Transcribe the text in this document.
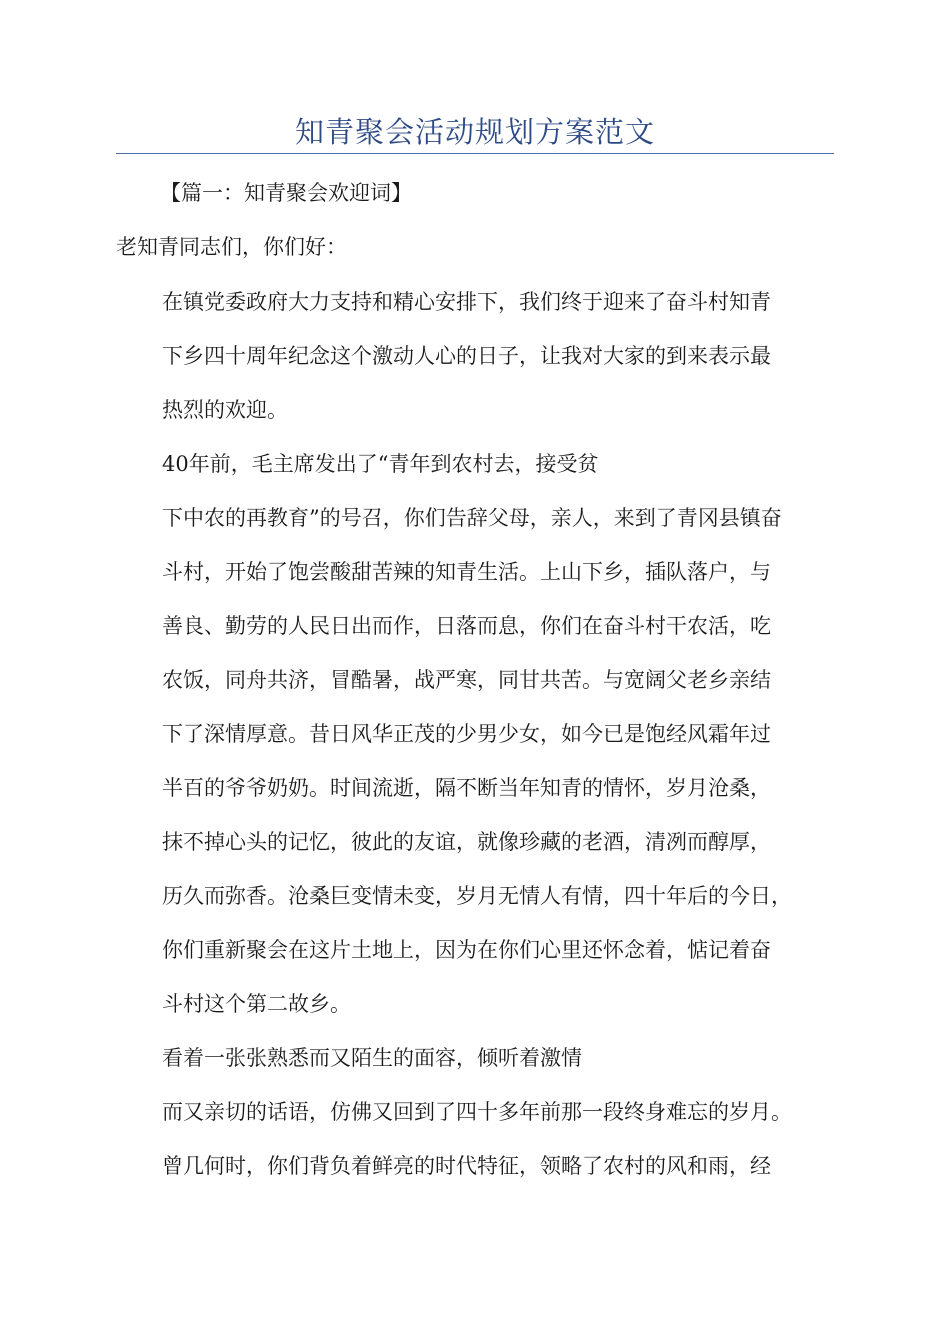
知青聚会活动规划方案范文
【篇一：知青聚会欢迎词】
老知青同志们，你们好：
在镇党委政府大力支持和精心安排下，我们终于迎来了奋斗村知青
下乡四十周年纪念这个激动人心的日子，让我对大家的到来表示最
热烈的欢迎。
40年前，毛主席发出了“青年到农村去，接受贫
下中农的再教育”的号召，你们告辞父母，亲人，来到了青冈县镇奋
斗村，开始了饱尝酸甜苦辣的知青生活。上山下乡，插队落户，与
善良、勤劳的人民日出而作，日落而息，你们在奋斗村干农活，吃
农饭，同舟共济，冒酷暑，战严寒，同甘共苦。与宽阔父老乡亲结
下了深情厚意。昔日风华正茂的少男少女，如今已是饱经风霜年过
半百的爷爷奶奶。时间流逝，隔不断当年知青的情怀，岁月沧桑，
抹不掉心头的记忆，彼此的友谊，就像珍藏的老酒，清冽而醇厚，
历久而弥香。沧桑巨变情未变，岁月无情人有情，四十年后的今日，
你们重新聚会在这片土地上，因为在你们心里还怀念着，惦记着奋
斗村这个第二故乡。
看着一张张熟悉而又陌生的面容，倾听着激情
而又亲切的话语，仿佛又回到了四十多年前那一段终身难忘的岁月。
曾几何时，你们背负着鲜亮的时代特征，领略了农村的风和雨，经
